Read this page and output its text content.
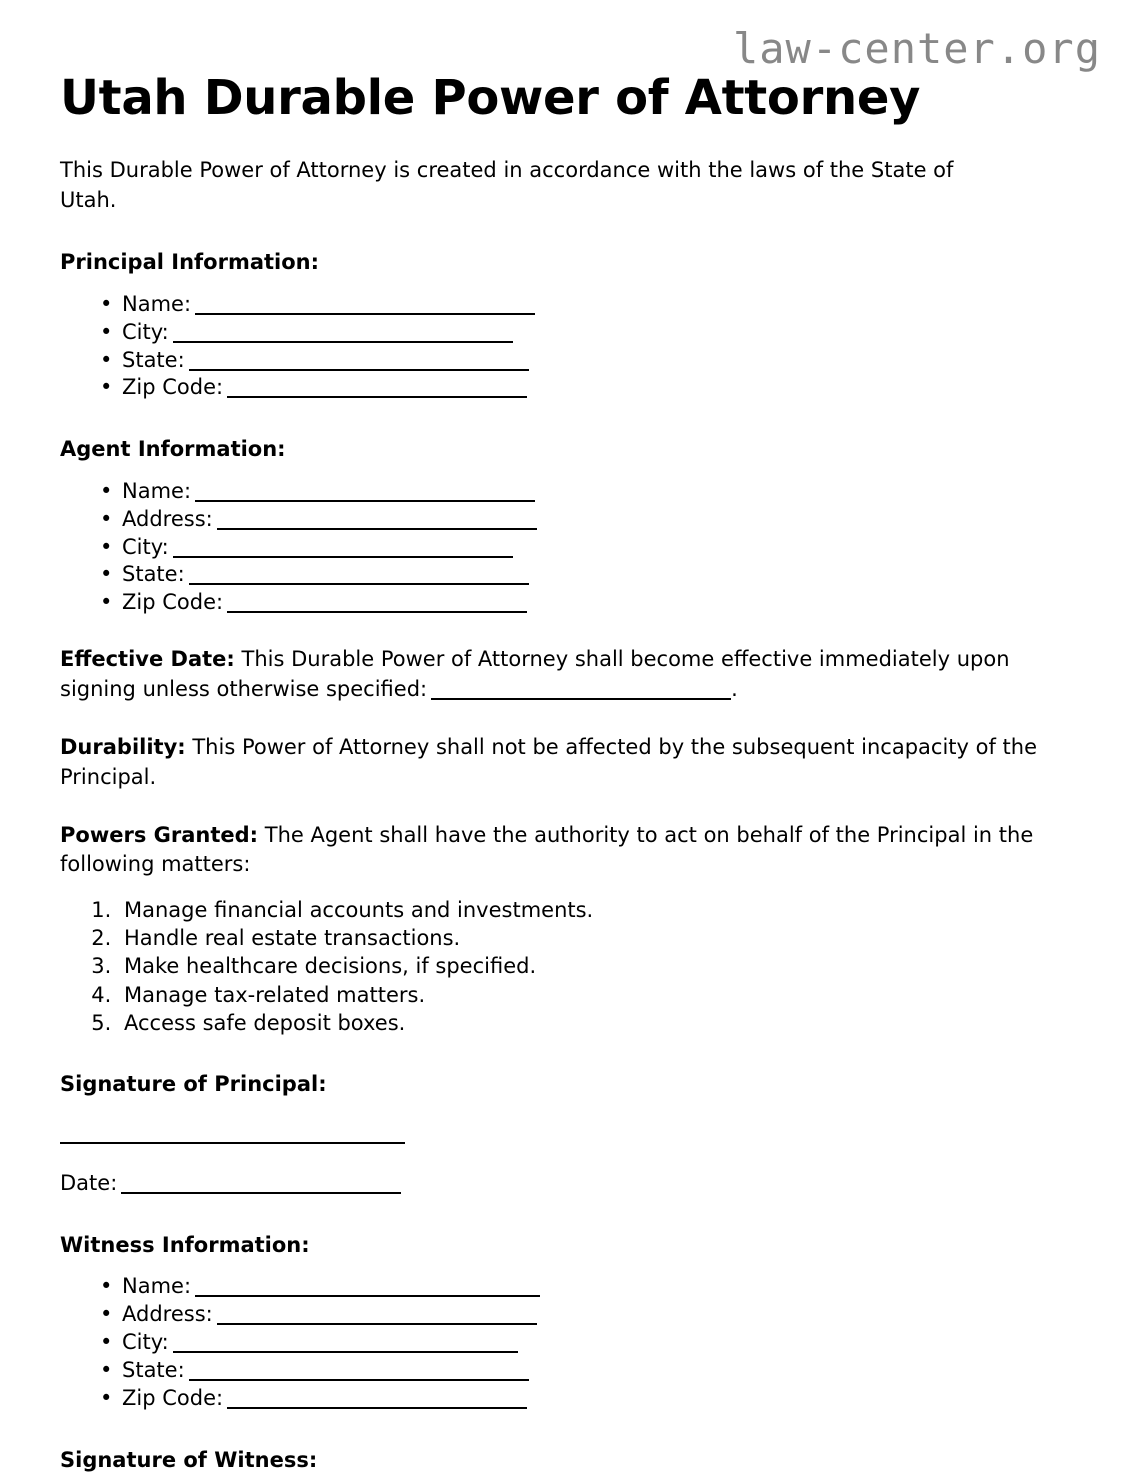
law-center.org
Utah Durable Power of Attorney

This Durable Power of Attorney is created in accordance with the laws of the State of Utah.

Principal Information:
• Name:
• City:
• State:
• Zip Code:
Agent Information:
• Name:
• Address:
• City:
• State:
• Zip Code:

Effective Date: This Durable Power of Attorney shall become effective immediately upon signing unless otherwise specified:	.

Durability: This Power of Attorney shall not be affected by the subsequent incapacity of the Principal.

Powers Granted: The Agent shall have the authority to act on behalf of the Principal in the following matters:

1. Manage financial accounts and investments.
2. Handle real estate transactions.
3. Make healthcare decisions, if specified.
4. Manage tax-related matters.
5. Access safe deposit boxes.
Signature of Principal:
Date:
Witness Information:
• Name:
• Address:
• City:
• State:
• Zip Code:
Signature of Witness:
